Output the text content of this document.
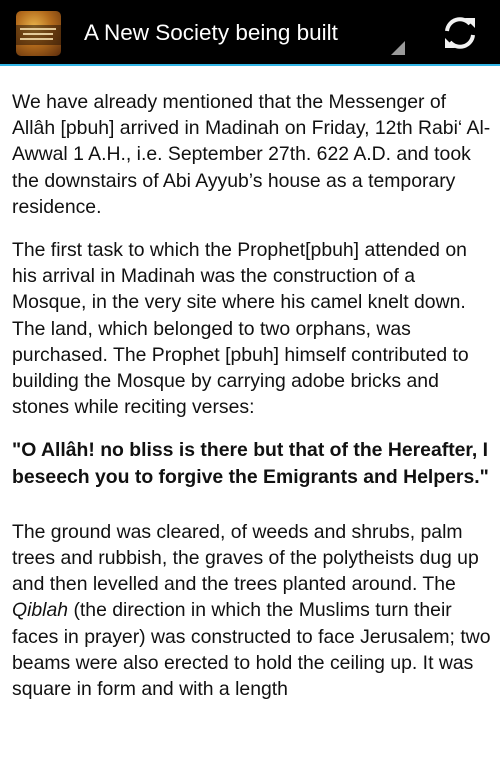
A New Society being built

We have already mentioned that the Messenger of Allâh [pbuh] arrived in Madinah on Friday, 12th Rabi‘ Al- Awwal 1 A.H., i.e. September 27th. 622 A.D. and took the downstairs of Abi Ayyub’s house as a temporary residence.

The first task to which the Prophet[pbuh] attended on his arrival in Madinah was the construction of a Mosque, in the very site where his camel knelt down. The land, which belonged to two orphans, was purchased. The Prophet [pbuh] himself contributed to building the Mosque by carrying adobe bricks and stones while reciting verses:

"O Allâh! no bliss is there but that of the Hereafter, I beseech you to forgive the Emigrants and Helpers."

The ground was cleared, of weeds and shrubs, palm trees and rubbish, the graves of the polytheists dug up and then levelled and the trees planted around. The Qiblah (the direction in which the Muslims turn their faces in prayer) was constructed to face Jerusalem; two beams were also erected to hold the ceiling up. It was square in form and with a length
